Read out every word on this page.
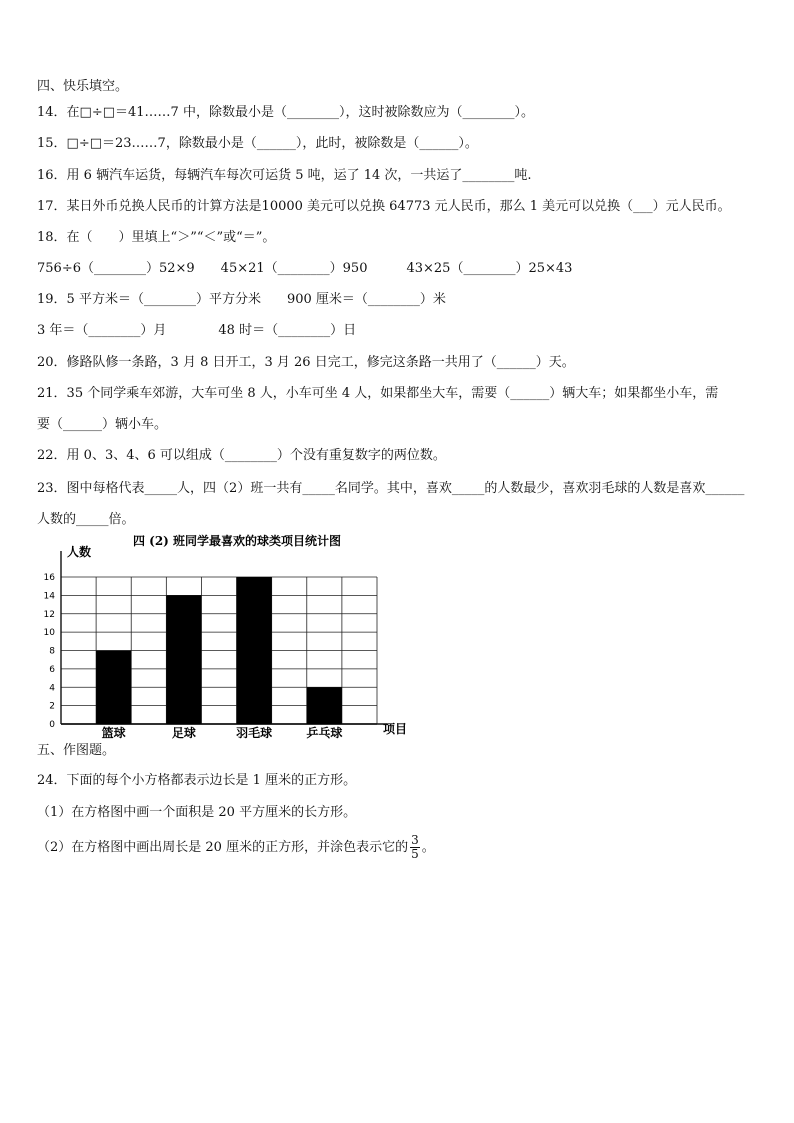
四、快乐填空。
14．在□÷□＝41……7 中，除数最小是（________），这时被除数应为（________）。
15．□÷□＝23……7，除数最小是（______），此时，被除数是（______）。
16．用 6 辆汽车运货，每辆汽车每次可运货 5 吨，运了 14 次，一共运了________吨.
17．某日外币兑换人民币的计算方法是10000 美元可以兑换 64773 元人民币，那么 1 美元可以兑换（___）元人民币。
18．在（　　）里填上“＞”“＜”或“＝”。
756÷6（________）52×9　　45×21（________）950　　　43×25（________）25×43
19．5 平方米＝（________）平方分米　　900 厘米＝（________）米
3 年＝（________）月　　　　48 时＝（________）日
20．修路队修一条路，3 月 8 日开工，3 月 26 日完工，修完这条路一共用了（______）天。
21．35 个同学乘车郊游，大车可坐 8 人，小车可坐 4 人，如果都坐大车，需要（______）辆大车；如果都坐小车，需
要（______）辆小车。
22．用 0、3、4、6 可以组成（________）个没有重复数字的两位数。
23．图中每格代表_____人，四（2）班一共有_____名同学。其中，喜欢_____的人数最少，喜欢羽毛球的人数是喜欢______
人数的_____倍。
四 (2) 班同学最喜欢的球类项目统计图
人数
项目
0
2
4
6
8
10
12
14
16
篮球	足球	羽毛球	乒乓球
五、作图题。
24．下面的每个小方格都表示边长是 1 厘米的正方形。
（1）在方格图中画一个面积是 20 平方厘米的长方形。
（2）在方格图中画出周长是 20 厘米的正方形，并涂色表示它的 $\frac{3}{5}$ 。
